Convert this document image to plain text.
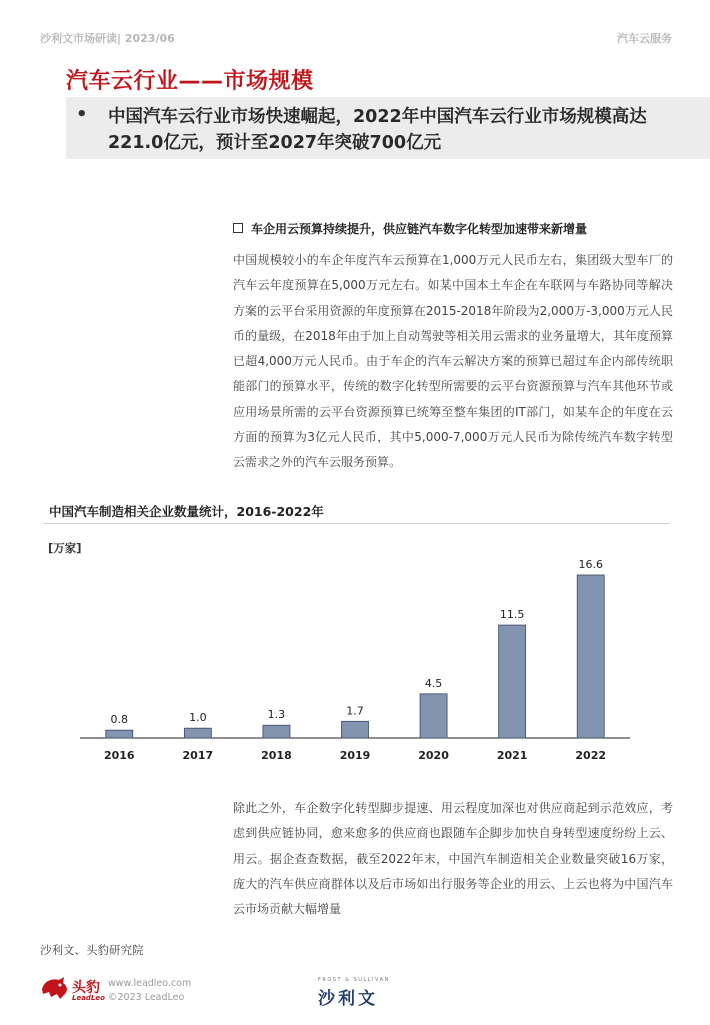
沙利文市场研读| 2023/06	汽车云服务
汽车云行业——市场规模
• 中国汽车云行业市场快速崛起，2022年中国汽车云行业市场规模高达221.0亿元，预计至2027年突破700亿元
车企用云预算持续提升，供应链汽车数字化转型加速带来新增量
中国规模较小的车企年度汽车云预算在1,000万元人民币左右，集团级大型车厂的汽车云年度预算在5,000万元左右。如某中国本土车企在车联网与车路协同等解决方案的云平台采用资源的年度预算在2015-2018年阶段为2,000万-3,000万元人民币的量级，在2018年由于加上自动驾驶等相关用云需求的业务量增大，其年度预算已超4,000万元人民币。由于车企的汽车云解决方案的预算已超过车企内部传统职能部门的预算水平，传统的数字化转型所需要的云平台资源预算与汽车其他环节或应用场景所需的云平台资源预算已统筹至整车集团的IT部门，如某车企的年度在云方面的预算为3亿元人民币，其中5,000-7,000万元人民币为除传统汽车数字转型云需求之外的汽车云服务预算。
中国汽车制造相关企业数量统计，2016-2022年
[万家]
0.8
2016
1.0
2017
1.3
2018
1.7
2019
4.5
2020
11.5
2021
16.6
2022
除此之外，车企数字化转型脚步提速、用云程度加深也对供应商起到示范效应，考虑到供应链协同，愈来愈多的供应商也跟随车企脚步加快自身转型速度纷纷上云、用云。据企查查数据，截至2022年末，中国汽车制造相关企业数量突破16万家，庞大的汽车供应商群体以及后市场如出行服务等企业的用云、上云也将为中国汽车云市场贡献大幅增量
沙利文、头豹研究院
头豹
LeadLeo
www.leadleo.com
©2023 LeadLeo
FROST & SULLIVAN
沙利文
